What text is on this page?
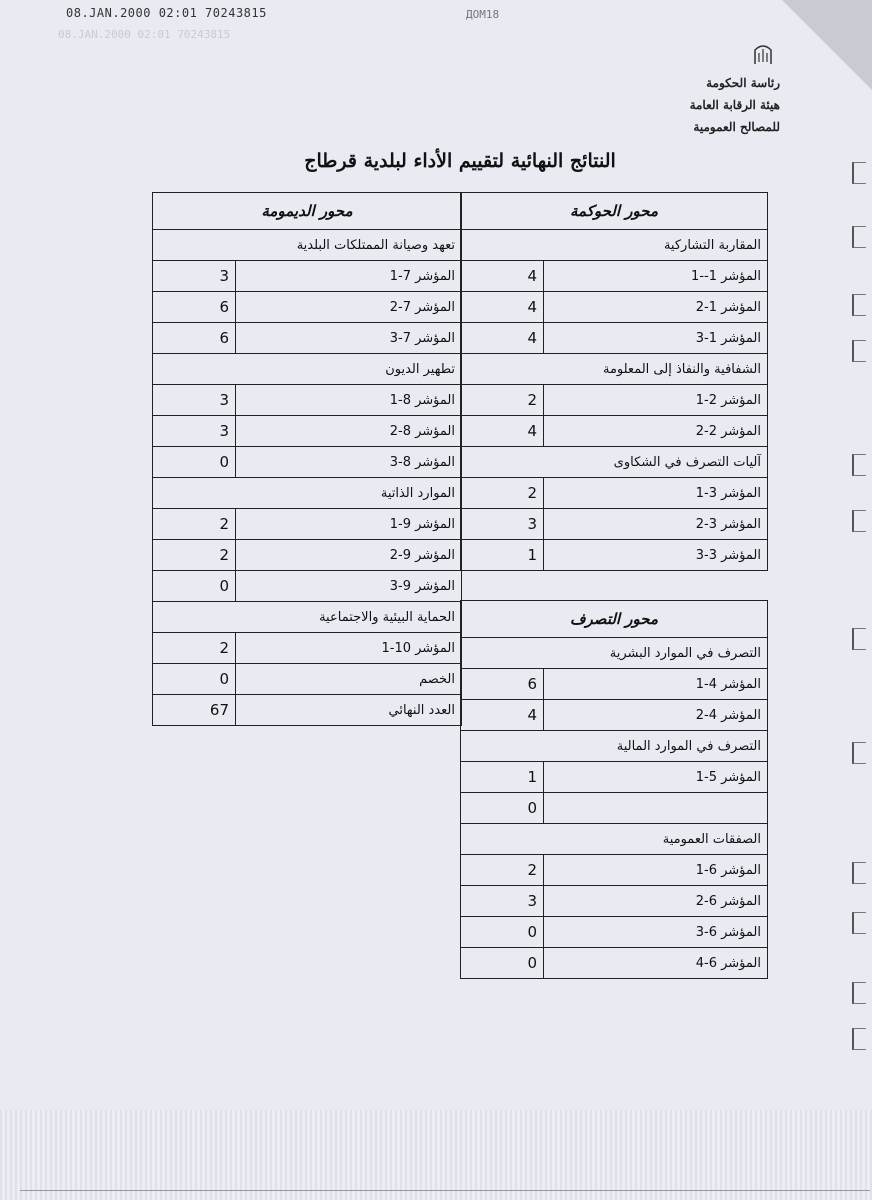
08.JAN.2000 02:01 70243815
08.JAN.2000 02:01 70243815
ДОМ18
رئاسة الحكومة
هيئة الرقابة العامة
للمصالح العمومية
النتائج النهائية لتقييم الأداء لبلدية قرطاج
محور الحوكمة	
المقاربة التشاركية	
المؤشر 1--1	4
المؤشر 1-2	4
المؤشر 1-3	4
الشفافية والنفاذ إلى المعلومة	
المؤشر 2-1	2
المؤشر 2-2	4
آليات التصرف في الشكاوى	
المؤشر 3-1	2
المؤشر 3-2	3
المؤشر 3-3	1
محور التصرف	
التصرف في الموارد البشرية	
المؤشر 4-1	6
المؤشر 4-2	4
التصرف في الموارد المالية	
المؤشر 5-1	1
	0
الصفقات العمومية	
المؤشر 6-1	2
المؤشر 6-2	3
المؤشر 6-3	0
المؤشر 6-4	0
محور الديمومة	
تعهد وصيانة الممتلكات البلدية	
المؤشر 7-1	3
المؤشر 7-2	6
المؤشر 7-3	6
تطهير الديون	
المؤشر 8-1	3
المؤشر 8-2	3
المؤشر 8-3	0
الموارد الذاتية	
المؤشر 9-1	2
المؤشر 9-2	2
المؤشر 9-3	0
الحماية البيئية والاجتماعية	
المؤشر 10-1	2
الخصم	0
العدد النهائي	67
